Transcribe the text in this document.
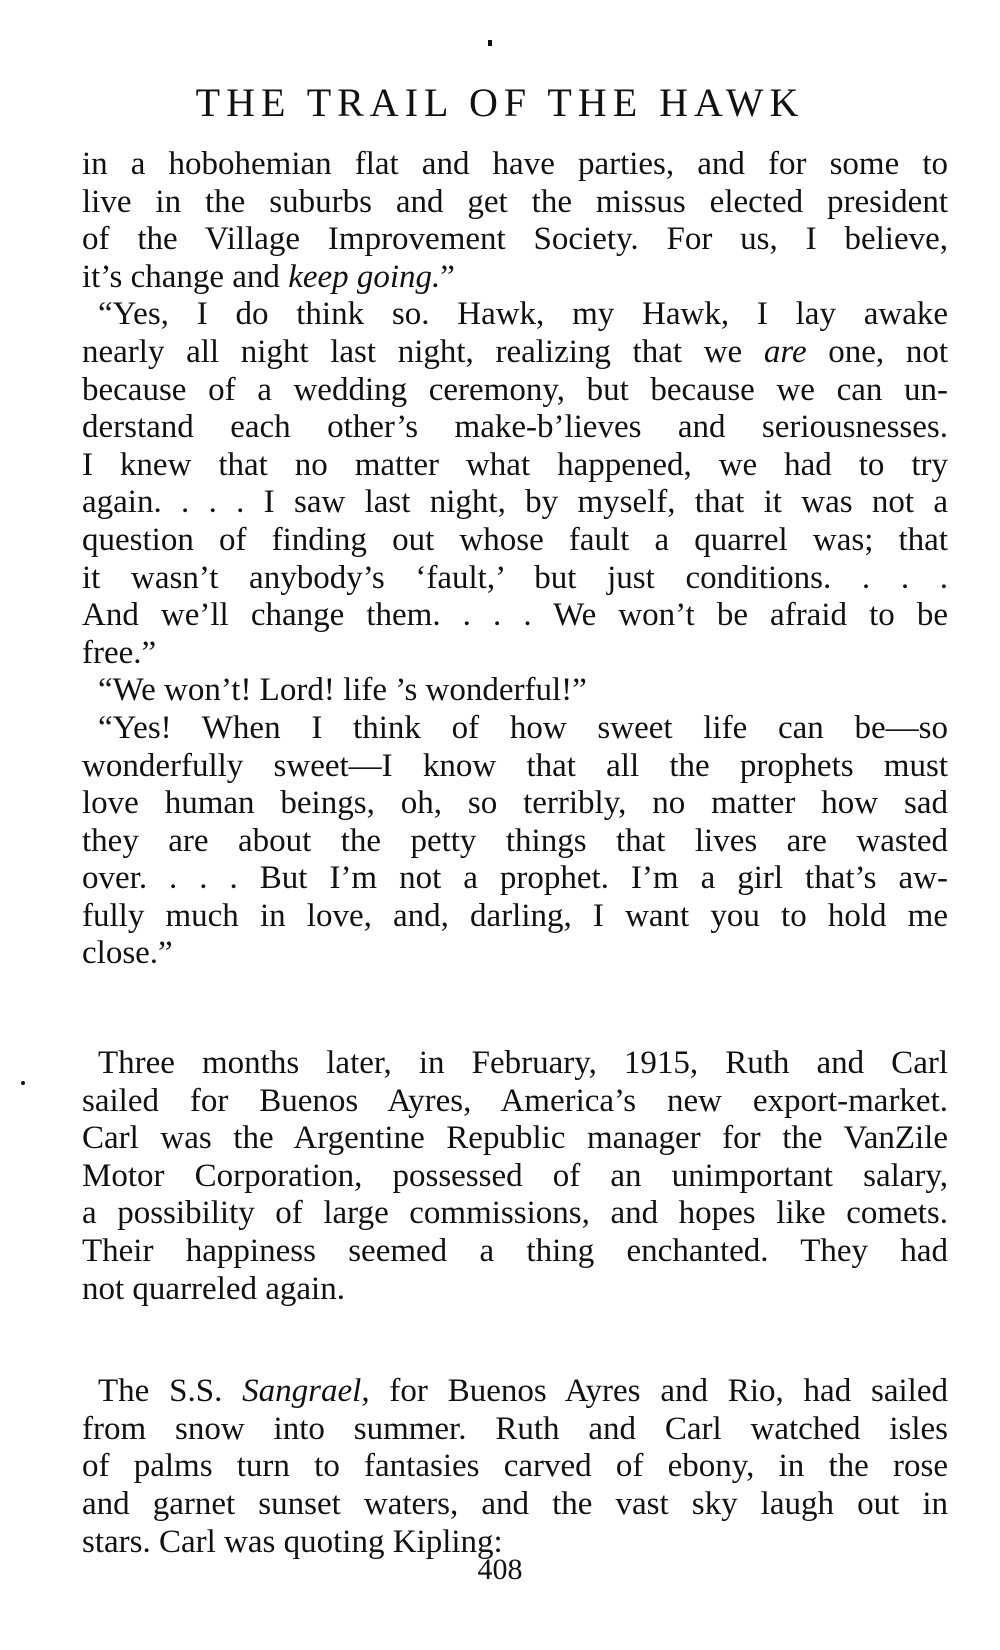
THE TRAIL OF THE HAWK
in a hobohemian flat and have parties, and for some to
live in the suburbs and get the missus elected president
of the Village Improvement Society. For us, I believe,
it’s change and keep going.”
“Yes, I do think so. Hawk, my Hawk, I lay awake
nearly all night last night, realizing that we are one, not
because of a wedding ceremony, but because we can un-
derstand each other’s make-b’lieves and seriousnesses.
I knew that no matter what happened, we had to try
again. . . . I saw last night, by myself, that it was not a
question of finding out whose fault a quarrel was; that
it wasn’t anybody’s ‘fault,’ but just conditions. . . .
And we’ll change them. . . . We won’t be afraid to be
free.”
“We won’t! Lord! life ’s wonderful!”
“Yes! When I think of how sweet life can be—so
wonderfully sweet—I know that all the prophets must
love human beings, oh, so terribly, no matter how sad
they are about the petty things that lives are wasted
over. . . . But I’m not a prophet. I’m a girl that’s aw-
fully much in love, and, darling, I want you to hold me
close.”
Three months later, in February, 1915, Ruth and Carl
sailed for Buenos Ayres, America’s new export-market.
Carl was the Argentine Republic manager for the VanZile
Motor Corporation, possessed of an unimportant salary,
a possibility of large commissions, and hopes like comets.
Their happiness seemed a thing enchanted. They had
not quarreled again.
The S.S. Sangrael, for Buenos Ayres and Rio, had sailed
from snow into summer. Ruth and Carl watched isles
of palms turn to fantasies carved of ebony, in the rose
and garnet sunset waters, and the vast sky laugh out in
stars. Carl was quoting Kipling:
408
